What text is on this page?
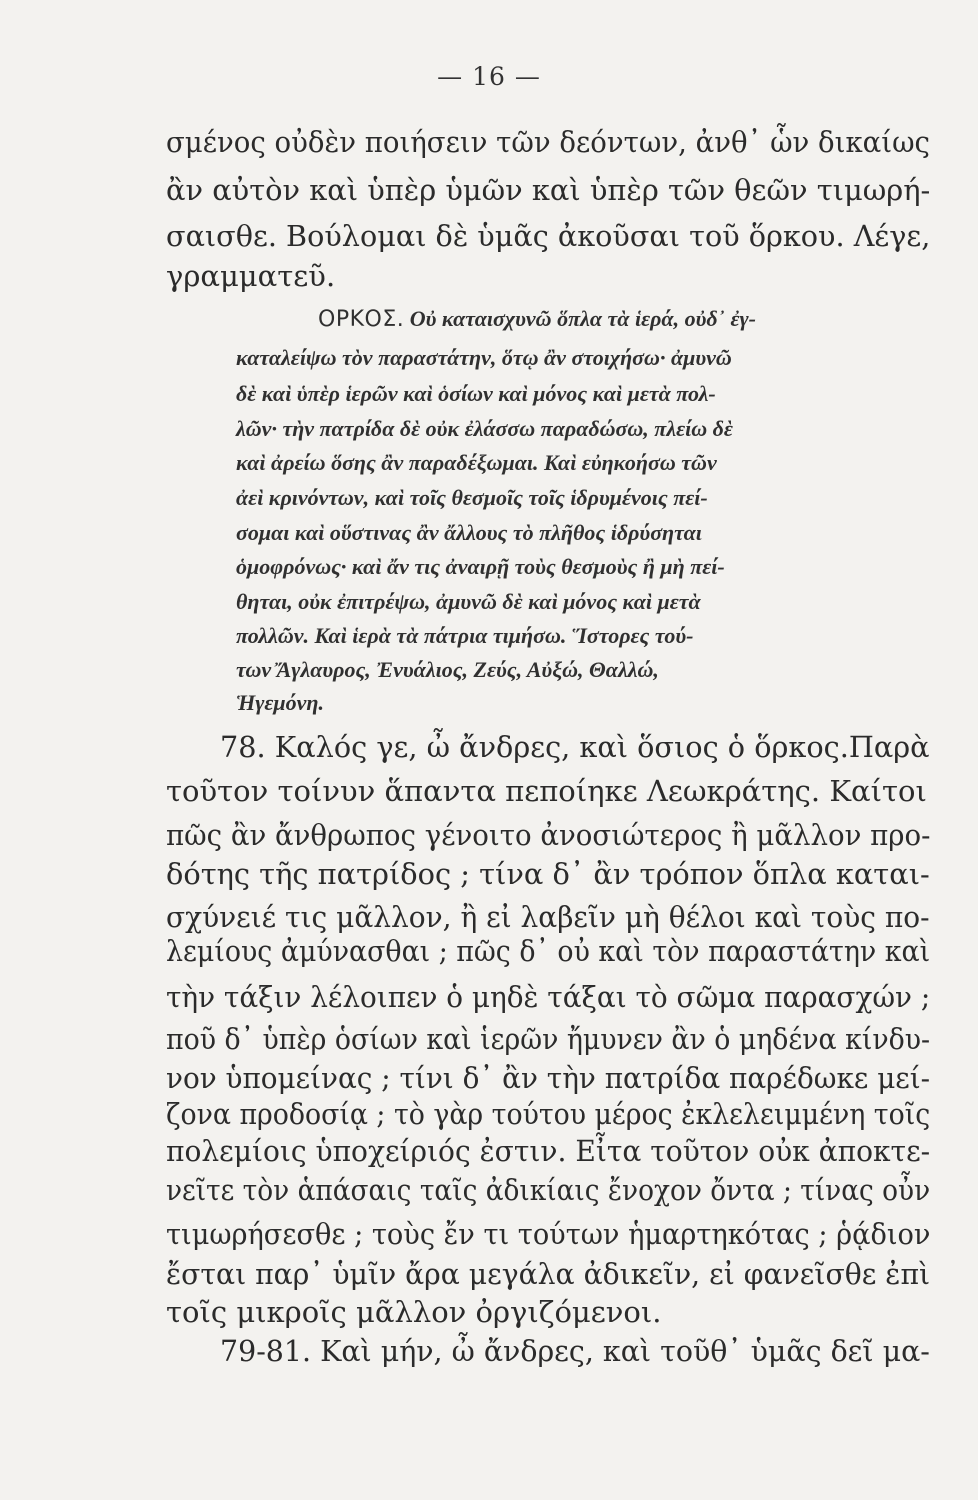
— 16 —
σμένος οὐδὲν ποιήσειν τῶν δεόντων, ἀνθ᾽ ὧν δικαίως
ἂν αὐτὸν καὶ ὑπὲρ ὑμῶν καὶ ὑπὲρ τῶν θεῶν τιμωρή-
σαισθε. Βούλομαι δὲ ὑμᾶς ἀκοῦσαι τοῦ ὅρκου. Λέγε,
γραμματεῦ.
ΟΡΚΟΣ. Οὐ καταισχυνῶ ὅπλα τὰ ἱερά, οὐδ᾽ ἐγ-
καταλείψω τὸν παραστάτην, ὅτῳ ἂν στοιχήσω· ἀμυνῶ
δὲ καὶ ὑπὲρ ἱερῶν καὶ ὁσίων καὶ μόνος καὶ μετὰ πολ-
λῶν· τὴν πατρίδα δὲ οὐκ ἐλάσσω παραδώσω, πλείω δὲ
καὶ ἀρείω ὅσης ἂν παραδέξωμαι. Καὶ εὐηκοήσω τῶν
ἀεὶ κρινόντων, καὶ τοῖς θεσμοῖς τοῖς ἱδρυμένοις πεί-
σομαι καὶ οὕστινας ἂν ἄλλους τὸ πλῆθος ἱδρύσηται
ὁμοφρόνως· καὶ ἄν τις ἀναιρῇ τοὺς θεσμοὺς ἢ μὴ πεί-
θηται, οὐκ ἐπιτρέψω, ἀμυνῶ δὲ καὶ μόνος καὶ μετὰ
πολλῶν. Καὶ ἱερὰ τὰ πάτρια τιμήσω. Ἵστορες τού-
των Ἄγλαυρος, Ἐνυάλιος, Ζεύς, Αὐξώ, Θαλλώ,
Ἡγεμόνη.
78. Καλός γε, ὦ ἄνδρες, καὶ ὅσιος ὁ ὅρκος.Παρὰ
τοῦτον τοίνυν ἅπαντα πεποίηκε Λεωκράτης. Καίτοι
πῶς ἂν ἄνθρωπος γένοιτο ἀνοσιώτερος ἢ μᾶλλον προ-
δότης τῆς πατρίδος ; τίνα δ᾽ ἂν τρόπον ὅπλα καται-
σχύνειέ τις μᾶλλον, ἢ εἰ λαβεῖν μὴ θέλοι καὶ τοὺς πο-
λεμίους ἀμύνασθαι ; πῶς δ᾽ οὐ καὶ τὸν παραστάτην καὶ
τὴν τάξιν λέλοιπεν ὁ μηδὲ τάξαι τὸ σῶμα παρασχών ;
ποῦ δ᾽ ὑπὲρ ὁσίων καὶ ἱερῶν ἤμυνεν ἂν ὁ μηδένα κίνδυ-
νον ὑπομείνας ; τίνι δ᾽ ἂν τὴν πατρίδα παρέδωκε μεί-
ζονα προδοσίᾳ ; τὸ γὰρ τούτου μέρος ἐκλελειμμένη τοῖς
πολεμίοις ὑποχείριός ἐστιν. Εἶτα τοῦτον οὐκ ἀποκτε-
νεῖτε τὸν ἁπάσαις ταῖς ἀδικίαις ἔνοχον ὄντα ; τίνας οὖν
τιμωρήσεσθε ; τοὺς ἔν τι τούτων ἡμαρτηκότας ; ῥᾴδιον
ἔσται παρ᾽ ὑμῖν ἄρα μεγάλα ἀδικεῖν, εἰ φανεῖσθε ἐπὶ
τοῖς μικροῖς μᾶλλον ὀργιζόμενοι.
79-81. Καὶ μήν, ὦ ἄνδρες, καὶ τοῦθ᾽ ὑμᾶς δεῖ μα-
